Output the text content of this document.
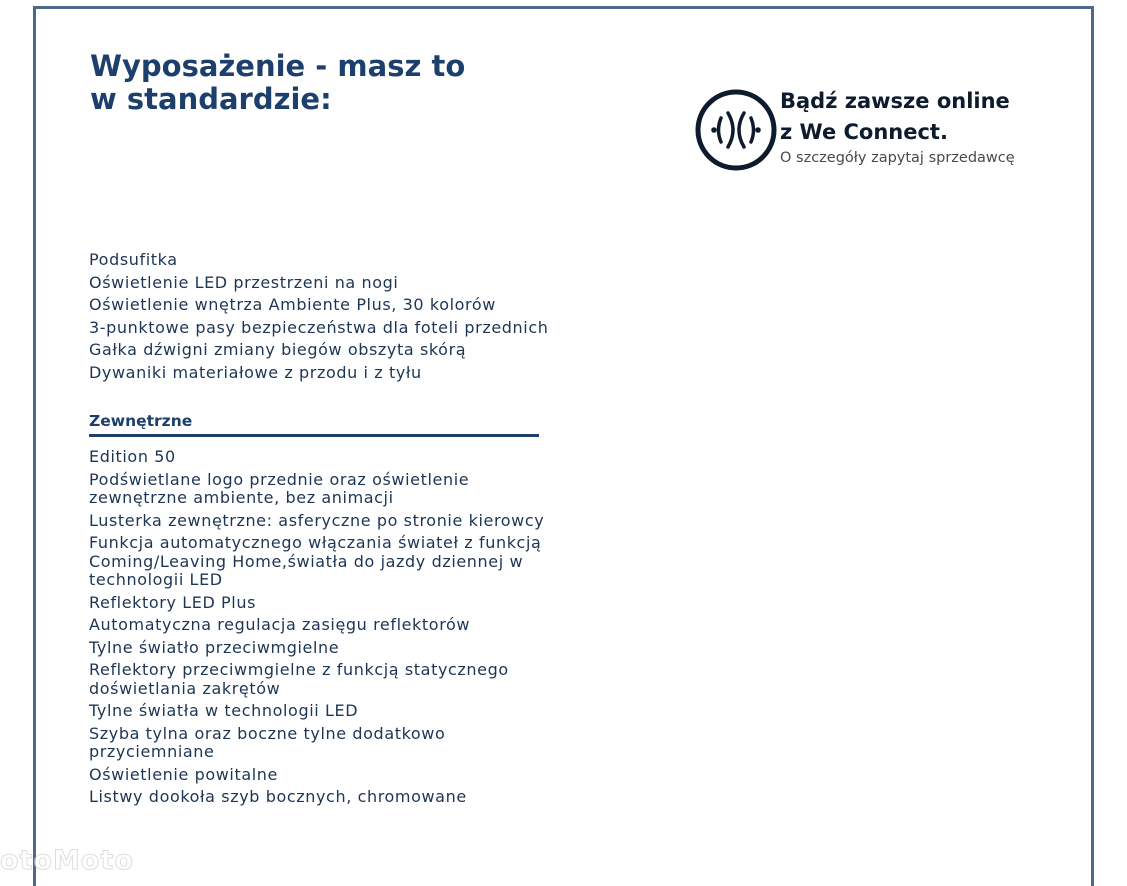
Wyposażenie - masz to
w standardzie:	Bądź zawsze online
z We Connect.
O szczegóły zapytaj sprzedawcę
Podsufitka
Oświetlenie LED przestrzeni na nogi
Oświetlenie wnętrza Ambiente Plus, 30 kolorów
3-punktowe pasy bezpieczeństwa dla foteli przednich
Gałka dźwigni zmiany biegów obszyta skórą
Dywaniki materiałowe z przodu i z tyłu
Zewnętrzne
Edition 50
Podświetlane logo przednie oraz oświetlenie zewnętrzne ambiente, bez animacji
Lusterka zewnętrzne: asferyczne po stronie kierowcy
Funkcja automatycznego włączania świateł z funkcją Coming/Leaving Home,światła do jazdy dziennej w technologii LED
Reflektory LED Plus
Automatyczna regulacja zasięgu reflektorów
Tylne światło przeciwmgielne
Reflektory przeciwmgielne z funkcją statycznego doświetlania zakrętów
Tylne światła w technologii LED
Szyba tylna oraz boczne tylne dodatkowo przyciemniane
Oświetlenie powitalne
Listwy dookoła szyb bocznych, chromowane
otoMoto
